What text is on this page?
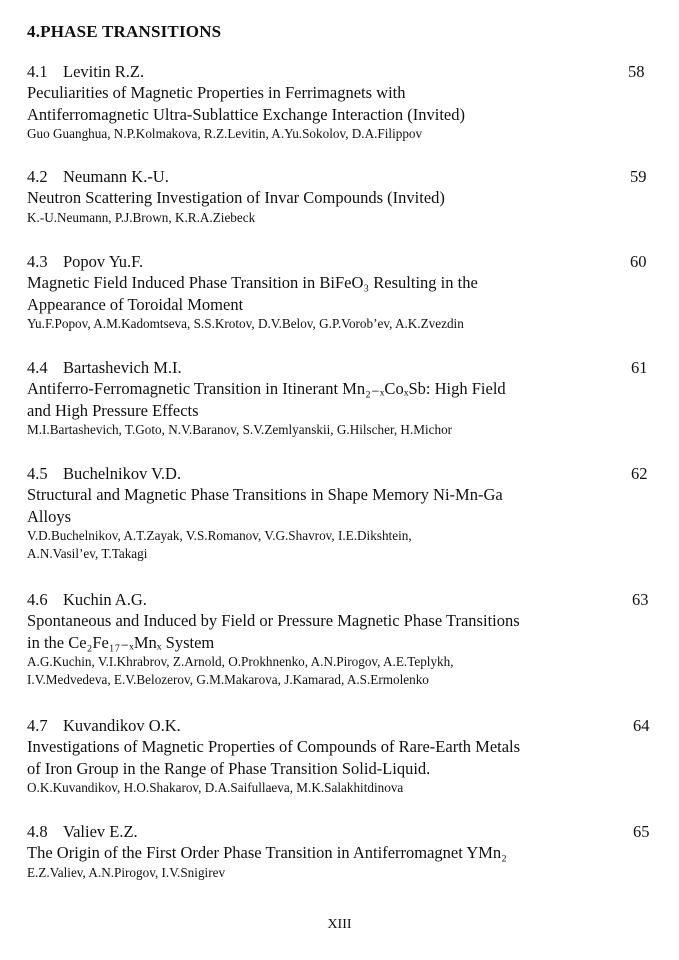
4.PHASE TRANSITIONS
4.1 Levitin R.Z.	58
Peculiarities of Magnetic Properties in Ferrimagnets with
Antiferromagnetic Ultra-Sublattice Exchange Interaction (Invited)
Guo Guanghua, N.P.Kolmakova, R.Z.Levitin, A.Yu.Sokolov, D.A.Filippov
4.2 Neumann K.-U.	59
Neutron Scattering Investigation of Invar Compounds (Invited)
K.-U.Neumann, P.J.Brown, K.R.A.Ziebeck
4.3 Popov Yu.F.	60
Magnetic Field Induced Phase Transition in BiFeO₃ Resulting in the
Appearance of Toroidal Moment
Yu.F.Popov, A.M.Kadomtseva, S.S.Krotov, D.V.Belov, G.P.Vorob’ev, A.K.Zvezdin
4.4 Bartashevich M.I.	61
Antiferro-Ferromagnetic Transition in Itinerant Mn₂₋ₓCoₓSb: High Field
and High Pressure Effects
M.I.Bartashevich, T.Goto, N.V.Baranov, S.V.Zemlyanskii, G.Hilscher, H.Michor
4.5 Buchelnikov V.D.	62
Structural and Magnetic Phase Transitions in Shape Memory Ni-Mn-Ga
Alloys
V.D.Buchelnikov, A.T.Zayak, V.S.Romanov, V.G.Shavrov, I.E.Dikshtein,
A.N.Vasil’ev, T.Takagi
4.6 Kuchin A.G.	63
Spontaneous and Induced by Field or Pressure Magnetic Phase Transitions
in the Ce₂Fe₁₇₋ₓMnₓ System
A.G.Kuchin, V.I.Khrabrov, Z.Arnold, O.Prokhnenko, A.N.Pirogov, A.E.Teplykh,
I.V.Medvedeva, E.V.Belozerov, G.M.Makarova, J.Kamarad, A.S.Ermolenko
4.7 Kuvandikov O.K.	64
Investigations of Magnetic Properties of Compounds of Rare-Earth Metals
of Iron Group in the Range of Phase Transition Solid-Liquid.
O.K.Kuvandikov, H.O.Shakarov, D.A.Saifullaeva, M.K.Salakhitdinova
4.8 Valiev E.Z.	65
The Origin of the First Order Phase Transition in Antiferromagnet YMn₂
E.Z.Valiev, A.N.Pirogov, I.V.Snigirev
XIII
